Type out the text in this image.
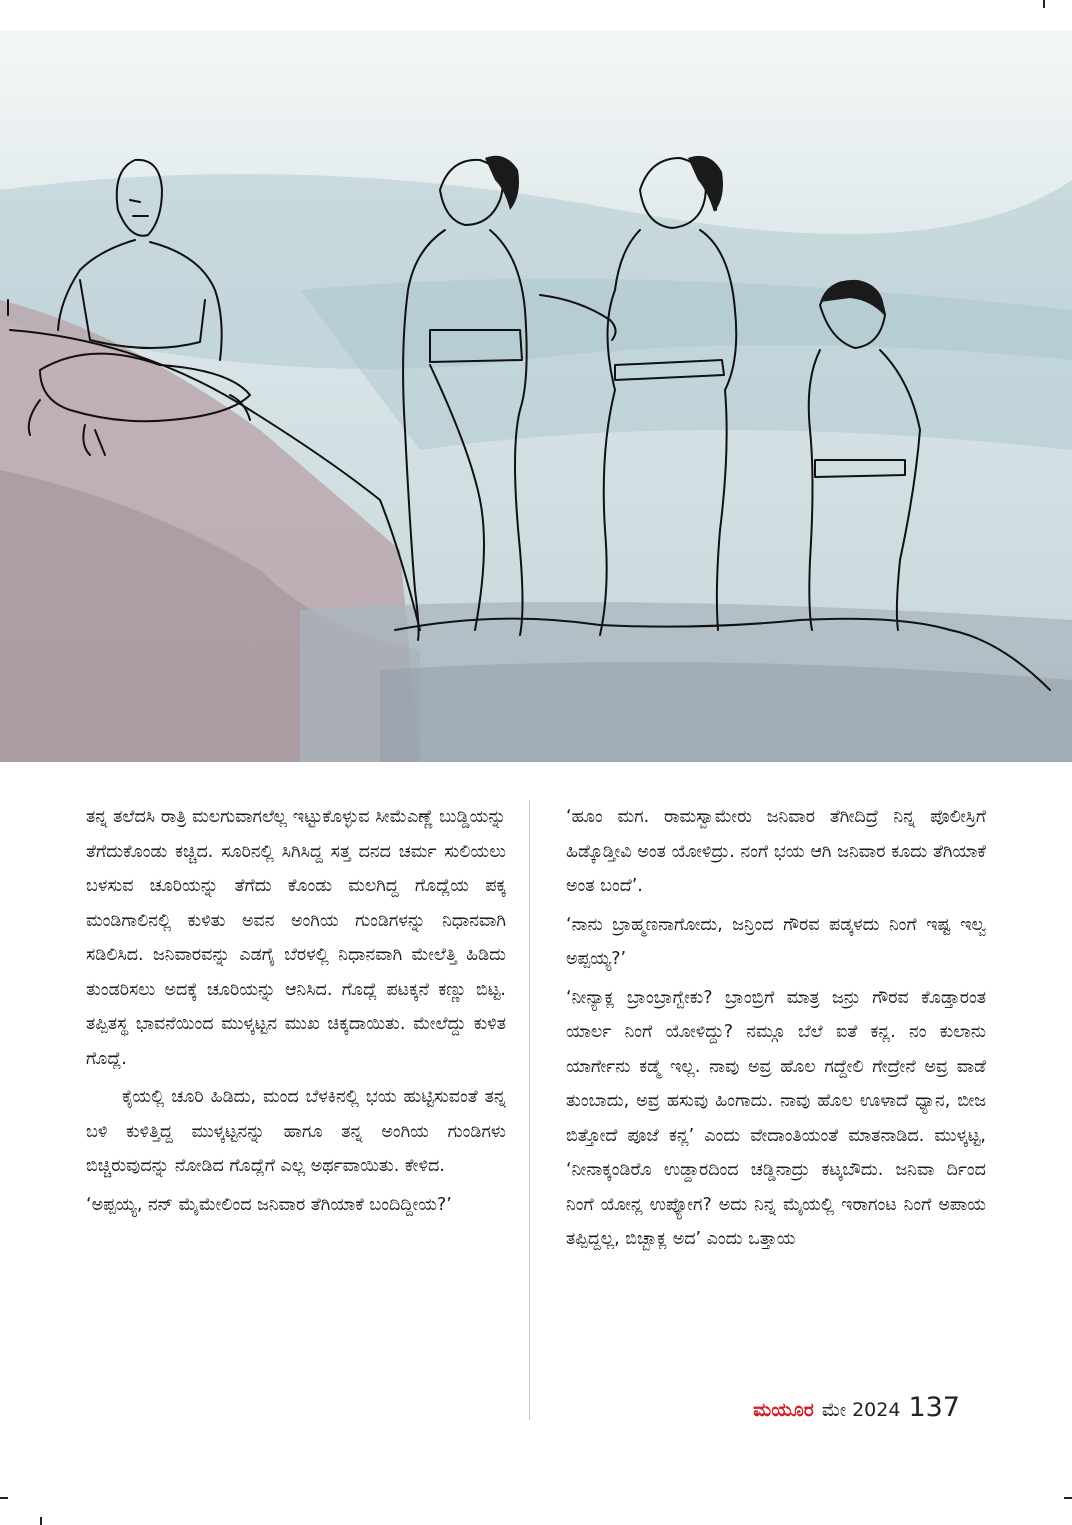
ತನ್ನ ತಲೆದಸಿ ರಾತ್ರಿ ಮಲಗುವಾಗಲೆಲ್ಲ ಇಟ್ಟುಕೊಳ್ಳುವ ಸೀಮೆಎಣ್ಣೆ ಬುಡ್ಡಿಯನ್ನು ತೆಗೆದುಕೊಂಡು ಕಚ್ಚಿದ. ಸೂರಿನಲ್ಲಿ ಸಿಗಿಸಿದ್ದ ಸತ್ತ ದನದ ಚರ್ಮ ಸುಲಿಯಲು ಬಳಸುವ ಚೂರಿಯನ್ನು ತೆಗೆದು ಕೊಂಡು ಮಲಗಿದ್ದ ಗೊದ್ಲೆಯ ಪಕ್ಕ ಮಂಡಿಗಾಲಿನಲ್ಲಿ ಕುಳಿತು ಅವನ ಅಂಗಿಯ ಗುಂಡಿಗಳನ್ನು ನಿಧಾನವಾಗಿ ಸಡಿಲಿಸಿದ. ಜನಿವಾರವನ್ನು ಎಡಗೈ ಬೆರಳಲ್ಲಿ ನಿಧಾನವಾಗಿ ಮೇಲೆತ್ತಿ ಹಿಡಿದು ತುಂಡರಿಸಲು ಅದಕ್ಕೆ ಚೂರಿಯನ್ನು ಆನಿಸಿದ. ಗೊದ್ಲೆ ಪಟಕ್ಕನೆ ಕಣ್ಣು ಬಿಟ್ಟ. ತಪ್ಪಿತಸ್ಥ ಭಾವನೆಯಿಂದ ಮುಳ್ಕಟ್ಟನ ಮುಖ ಚಿಕ್ಕದಾಯಿತು. ಮೇಲೆದ್ದು ಕುಳಿತ ಗೊದ್ಲೆ.

ಕೈಯಲ್ಲಿ ಚೂರಿ ಹಿಡಿದು, ಮಂದ ಬೆಳಕಿನಲ್ಲಿ ಭಯ ಹುಟ್ಟಿಸುವಂತೆ ತನ್ನ ಬಳಿ ಕುಳಿತ್ತಿದ್ದ ಮುಳ್ಕಟ್ಟನನ್ನು ಹಾಗೂ ತನ್ನ ಅಂಗಿಯ ಗುಂಡಿಗಳು ಬಿಚ್ಚಿರುವುದನ್ನು ನೋಡಿದ ಗೊದ್ಲೆಗೆ ಎಲ್ಲ ಅರ್ಥವಾಯಿತು. ಕೇಳಿದ.

‘ಅಪ್ಪಯ್ಯ, ನನ್ ಮೈಮೇಲಿಂದ ಜನಿವಾರ ತೆಗಿಯಾಕೆ ಬಂದಿದ್ದೀಯ?’

‘ಹೂಂ ಮಗ. ರಾಮಸ್ವಾಮೇರು ಜನಿವಾರ ತೆಗೀದಿದ್ರೆ ನಿನ್ನ ಪೊಲೀಸ್ರಿಗೆ ಹಿಡ್ಕೊಡ್ತೀವಿ ಅಂತ ಯೋಳಿದ್ರು. ನಂಗೆ ಭಯ ಆಗಿ ಜನಿವಾರ ಕೂದು ತೆಗಿಯಾಕೆ ಅಂತ ಬಂದೆ’.

‘ನಾನು ಬ್ರಾಹ್ಮಣನಾಗೋದು, ಜನ್ರಿಂದ ಗೌರವ ಪಡ್ಕಳದು ನಿಂಗೆ ಇಷ್ಟ ಇಲ್ವ ಅಪ್ಪಯ್ಯ?’

‘ನೀನ್ಯಾಕ್ಲ ಬ್ರಾಂಬ್ರಾಗ್ಬೇಕು? ಬ್ರಾಂಬ್ರಿಗೆ ಮಾತ್ರ ಜನ್ರು ಗೌರವ ಕೊಡ್ತಾರಂತ ಯಾರ್ಲ ನಿಂಗೆ ಯೋಳಿದ್ದು? ನಮ್ಗೂ ಬೆಲೆ ಐತೆ ಕನ್ಲ. ನಂ ಕುಲಾನು ಯಾರ್ಗೇನು ಕಡ್ಮೆ ಇಲ್ಲ. ನಾವು ಅವ್ರ ಹೊಲ ಗದ್ದೇಲಿ ಗೇದ್ರೇನೆ ಅವ್ರ ವಾಡೆ ತುಂಬಾದು, ಅವ್ರ ಹಸುವು ಹಿಂಗಾದು. ನಾವು ಹೊಲ ಊಳಾದೆ ಧ್ಯಾನ, ಬೀಜ ಬಿತ್ತೋದೆ ಪೂಜೆ ಕನ್ಲ’ ಎಂದು ವೇದಾಂತಿಯಂತೆ ಮಾತನಾಡಿದ. ಮುಳ್ಕಟ್ಟ, ‘ನೀನಾಕ್ಕಂಡಿರೊ ಉಡ್ದಾರದಿಂದ ಚಡ್ಡಿನಾದ್ರು ಕಟ್ಕಬೌದು. ಜನಿವಾ ರ್ದಿಂದ ನಿಂಗೆ ಯೋನ್ಲ ಉಪ್ಯೋಗ? ಅದು ನಿನ್ನ ಮೈಯಲ್ಲಿ ಇರಾಗಂಟ ನಿಂಗೆ ಅಪಾಯ ತಪ್ಪಿದ್ದಲ್ಲ, ಬಿಚ್ಬಾಕ್ಲ ಅದ’ ಎಂದು ಒತ್ತಾಯ

ಮಯೂರ ಮೇ 2024 137
